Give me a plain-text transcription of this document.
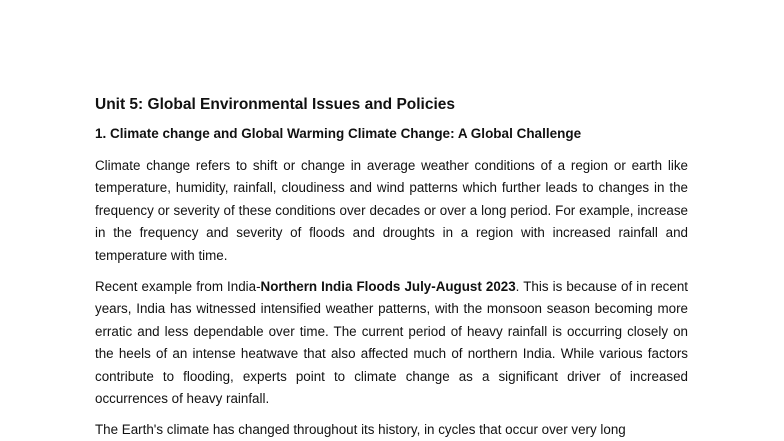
Unit 5: Global Environmental Issues and Policies
1. Climate change and Global Warming Climate Change: A Global Challenge

Climate change refers to shift or change in average weather conditions of a region or earth like temperature, humidity, rainfall, cloudiness and wind patterns which further leads to changes in the frequency or severity of these conditions over decades or over a long period. For example, increase in the frequency and severity of floods and droughts in a region with increased rainfall and temperature with time.

Recent example from India-Northern India Floods July-August 2023. This is because of in recent years, India has witnessed intensified weather patterns, with the monsoon season becoming more erratic and less dependable over time. The current period of heavy rainfall is occurring closely on the heels of an intense heatwave that also affected much of northern India. While various factors contribute to flooding, experts point to climate change as a significant driver of increased occurrences of heavy rainfall.

The Earth's climate has changed throughout its history, in cycles that occur over very long
